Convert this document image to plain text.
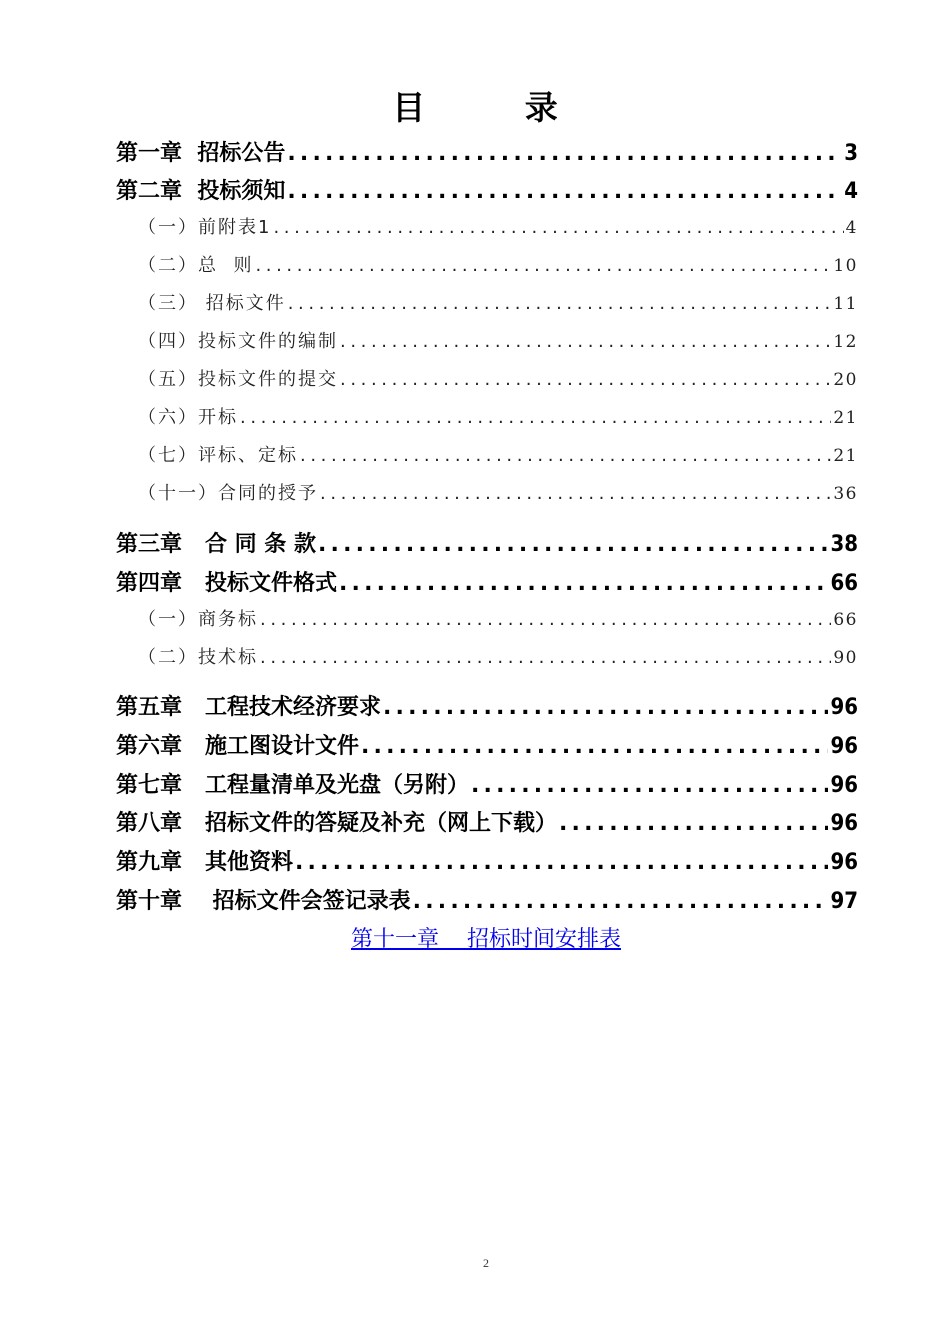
目 录
第一章  招标公告 .....	3
第二章  投标须知 .....	4
（一）前附表1 .....	4
（二）总  则 .....	10
（三） 招标文件 .....	11
（四）投标文件的编制 .....	12
（五）投标文件的提交 .....	20
（六）开标 .....	21
（七）评标、定标 .....	21
（十一）合同的授予 .....	36
第三章   合 同 条 款 .....	38
第四章   投标文件格式 .....	66
（一）商务标 .....	66
（二）技术标 .....	90
第五章   工程技术经济要求 .....	96
第六章   施工图设计文件 .....	96
第七章   工程量清单及光盘（另附） .....	96
第八章   招标文件的答疑及补充（网上下载） .....	96
第九章   其他资料 .....	96
第十章    招标文件会签记录表 .....	97
第十一章    招标时间安排表
2
